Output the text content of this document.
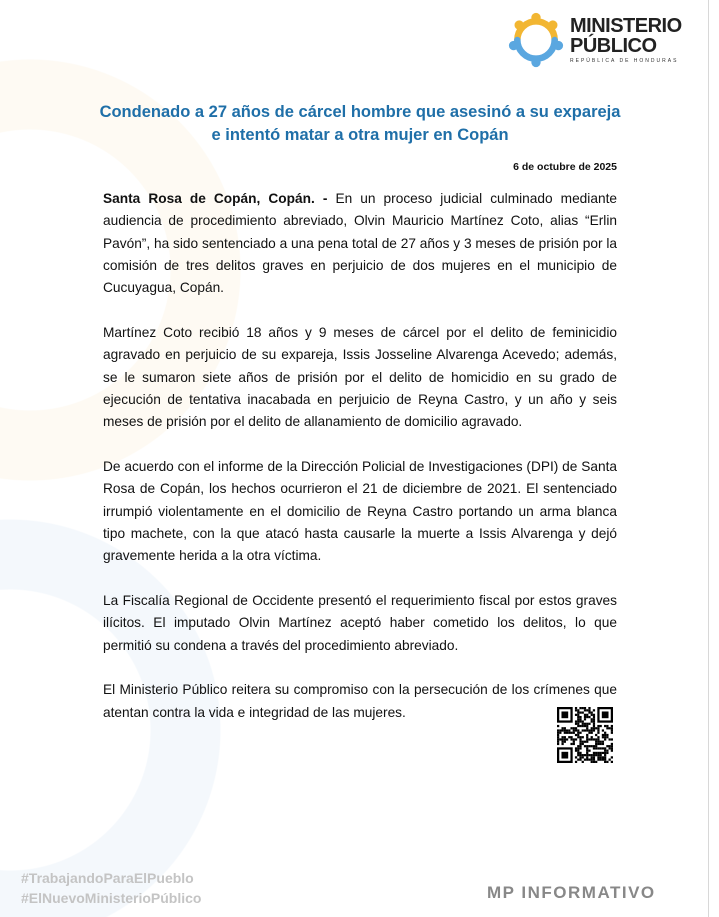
MINISTERIO
PÚBLICO
REPÚBLICA DE HONDURAS
Condenado a 27 años de cárcel hombre que asesinó a su expareja
e intentó matar a otra mujer en Copán
6 de octubre de 2025

Santa Rosa de Copán, Copán. - En un proceso judicial culminado mediante audiencia de procedimiento abreviado, Olvin Mauricio Martínez Coto, alias “Erlin Pavón”, ha sido sentenciado a una pena total de 27 años y 3 meses de prisión por la comisión de tres delitos graves en perjuicio de dos mujeres en el municipio de Cucuyagua, Copán.

Martínez Coto recibió 18 años y 9 meses de cárcel por el delito de feminicidio agravado en perjuicio de su expareja, Issis Josseline Alvarenga Acevedo; además, se le sumaron siete años de prisión por el delito de homicidio en su grado de ejecución de tentativa inacabada en perjuicio de Reyna Castro, y un año y seis meses de prisión por el delito de allanamiento de domicilio agravado.

De acuerdo con el informe de la Dirección Policial de Investigaciones (DPI) de Santa Rosa de Copán, los hechos ocurrieron el 21 de diciembre de 2021. El sentenciado irrumpió violentamente en el domicilio de Reyna Castro portando un arma blanca tipo machete, con la que atacó hasta causarle la muerte a Issis Alvarenga y dejó gravemente herida a la otra víctima.

La Fiscalía Regional de Occidente presentó el requerimiento fiscal por estos graves ilícitos. El imputado Olvin Martínez aceptó haber cometido los delitos, lo que permitió su condena a través del procedimiento abreviado.

El Ministerio Público reitera su compromiso con la persecución de los crímenes que atentan contra la vida e integridad de las mujeres.

#TrabajandoParaElPueblo
#ElNuevoMinisterioPúblico	MP INFORMATIVO
